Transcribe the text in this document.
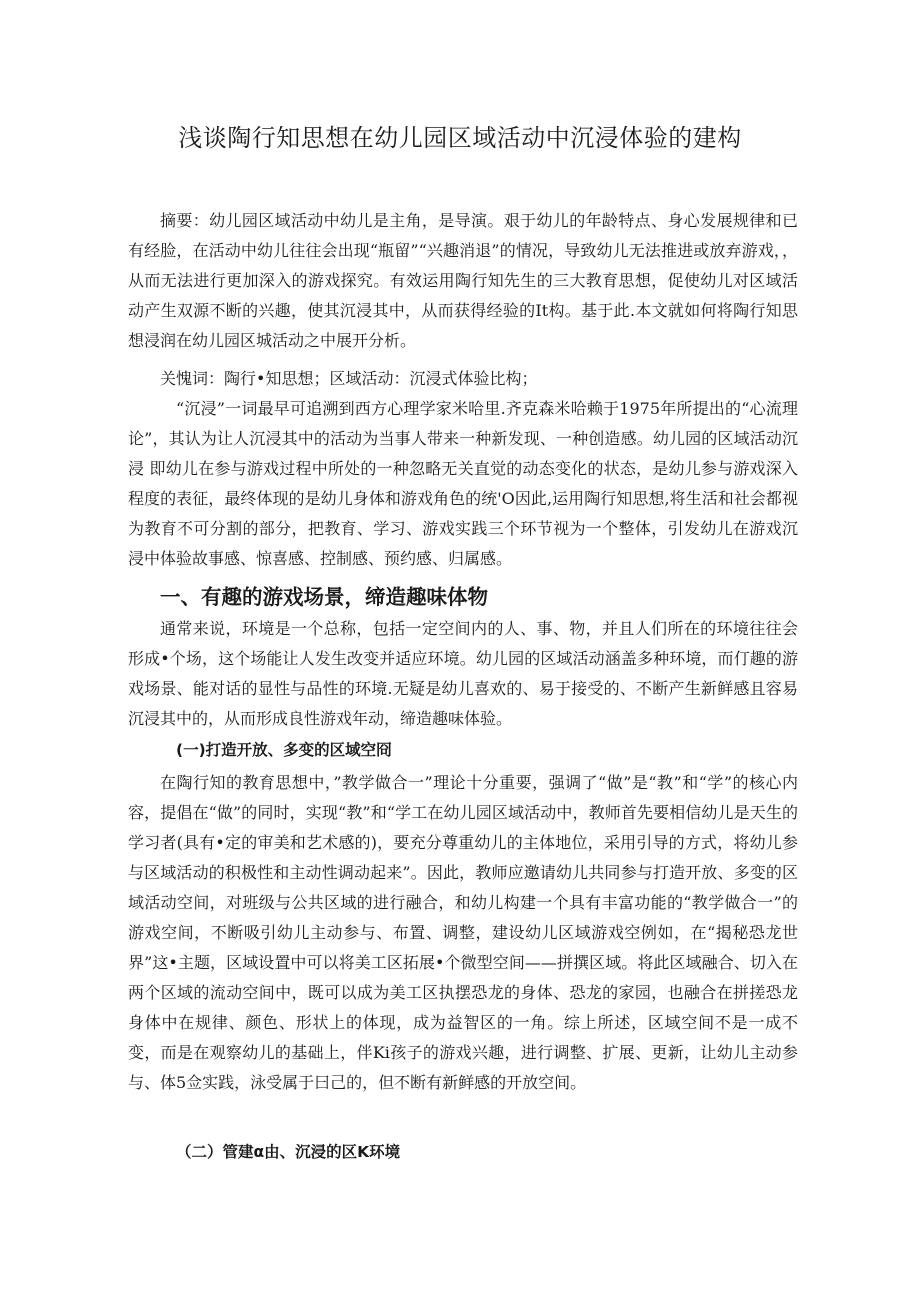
浅谈陶行知思想在幼儿园区域活动中沉浸体验的建构

摘要：幼儿园区域活动中幼儿是主角，是导演。艰于幼儿的年龄特点、身心发展规律和已有经脸，在活动中幼儿往往会出现“瓶留”“兴趣消退”的情况，导致幼儿无法推进或放弃游戏，，从而无法进行更加深入的游戏探究。有效运用陶行知先生的三大教育思想，促使幼儿对区域活动产生双源不断的兴趣，使其沉浸其中，从而获得经验的It构。基于此.本文就如何将陶行知思想浸润在幼儿园区城活动之中展开分析。

关愧词：陶行•知思想；区域活动：沉浸式体验比构；

“沉浸”一词最早可追溯到西方心理学家米哈里.齐克森米哈赖于1975年所提出的“心流理论”，其认为让人沉浸其中的活动为当事人带来一种新发现、一种创造感。幼儿园的区域活动沉浸 即幼儿在参与游戏过程中所处的一种忽略无关直觉的动态变化的状态，是幼儿参与游戏深入程度的表征，最终体现的是幼儿身体和游戏角色的统'O因此,运用陶行知思想,将生活和社会都视为教育不可分割的部分，把教育、学习、游戏实践三个环节视为一个整体，引发幼儿在游戏沉浸中体验故事感、惊喜感、控制感、预约感、归属感。

一、有趣的游戏场景，缔造趣味体物

通常来说，环境是一个总称，包括一定空间内的人、事、物，并且人们所在的环境往往会形成•个场，这个场能让人发生改变并适应环境。幼儿园的区域活动涵盖多种环境，而仃趣的游戏场景、能对话的显性与品性的环境.无疑是幼儿喜欢的、易于接受的、不断产生新鲜感且容易沉浸其中的，从而形成良性游戏年动，缔造趣味体验。

(一)打造开放、多变的区域空冏

在陶行知的教育思想中，”教学做合一”理论十分重要，强调了“做”是“教”和“学”的核心内容，提倡在“做”的同时，实现“教”和“学工在幼儿园区域活动中，教师首先要相信幼儿是天生的学习者(具有•定的审美和艺术感的)，要充分尊重幼儿的主体地位，采用引导的方式，将幼儿参与区域活动的积极性和主动性调动起来”。因此，教师应邀请幼儿共同参与打造开放、多变的区域活动空间，对班级与公共区域的进行融合，和幼儿构建一个具有丰富功能的“教学做合一”的游戏空间，不断吸引幼儿主动参与、布置、调整，建设幼儿区域游戏空例如，在“揭秘恐龙世界”这•主题，区域设置中可以将美工区拓展•个微型空间——拼撰区域。将此区域融合、切入在两个区域的流动空间中，既可以成为美工区执摆恐龙的身体、恐龙的家园，也融合在拼搓恐龙身体中在规律、颜色、形状上的体现，成为益智区的一角。综上所述，区域空间不是一成不变，而是在观察幼儿的基础上，伴Ki孩子的游戏兴趣，进行调整、扩展、更新，让幼儿主动参与、体5佥实践，泳受属于曰己的，但不断有新鲜感的开放空间。

（二）管建α由、沉浸的区K环境
